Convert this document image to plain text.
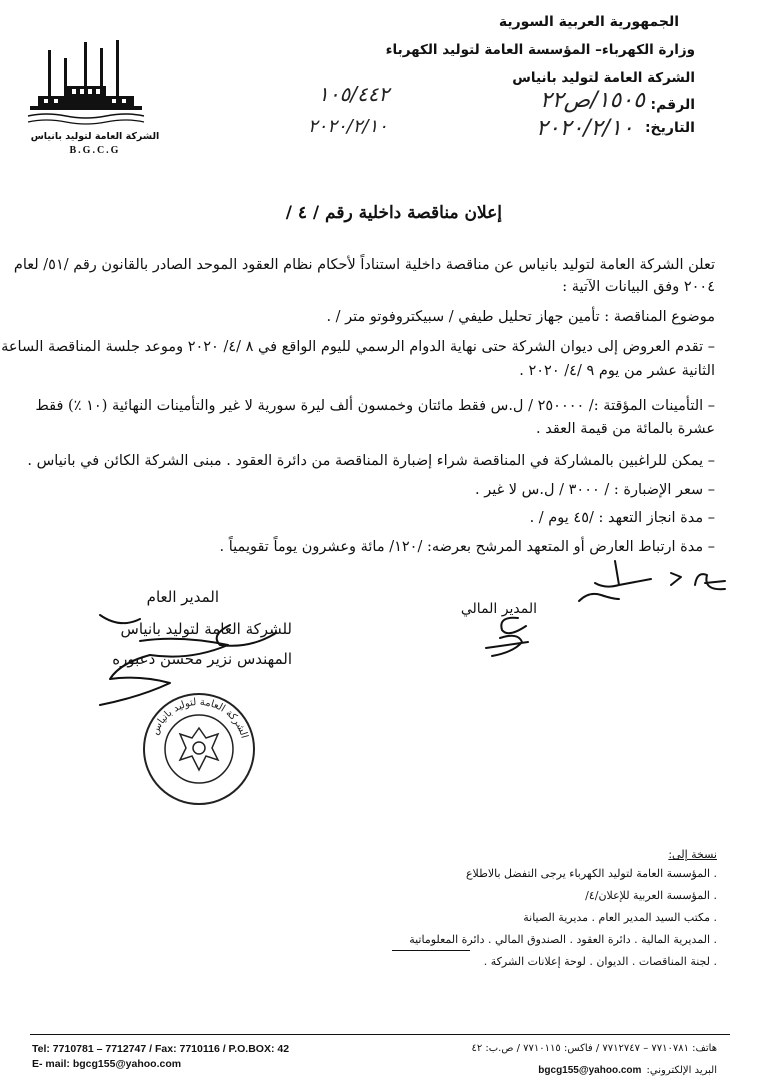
الجمهورية العربية السورية
وزارة الكهرباء– المؤسسة العامة لتوليد الكهرباء
الشركة العامة لتوليد بانياس
الرقم:
التاريخ:
١٥٠٥/ص٢٢
٢٠٢٠/٢/١٠
١٠٥/٤٤٢
٢٠٢٠/٢/١٠
الشركة العامة لتوليد بانياس
B.G.C.G
إعلان مناقصة داخلية رقم / ٤ /
تعلن الشركة العامة لتوليد بانياس عن مناقصة داخلية استناداً لأحكام نظام العقود الموحد الصادر بالقانون رقم /٥١/ لعام
٢٠٠٤ وفق البيانات الآتية :
موضوع المناقصة : تأمين جهاز تحليل طيفي / سبيكتروفوتو متر / .
– تقدم العروض إلى ديوان الشركة حتى نهاية الدوام الرسمي لليوم الواقع في ٨ /٤/ ٢٠٢٠ وموعد جلسة المناقصة الساعة
الثانية عشر من يوم ٩ /٤/ ٢٠٢٠ .
– التأمينات المؤقتة :/ ٢٥٠٠٠٠ / ل.س فقط مائتان وخمسون ألف ليرة سورية لا غير والتأمينات النهائية (١٠ ٪) فقط
عشرة بالمائة من قيمة العقد .
– يمكن للراغبين بالمشاركة في المناقصة شراء إضبارة المناقصة من دائرة العقود . مبنى الشركة الكائن في بانياس .
– سعر الإضبارة : / ٣٠٠٠ / ل.س لا غير .
– مدة انجاز التعهد : /٤٥ يوم / .
– مدة ارتباط العارض أو المتعهد المرشح بعرضه: /١٢٠/ مائة وعشرون يوماً تقويمياً .
المدير المالي
المدير العام
للشركة العامة لتوليد بانياس
المهندس نزير محسن دعبوره
الشركة العامة لتوليد بانياس
نسخة إلى:
. المؤسسة العامة لتوليد الكهرباء يرجى التفضل بالاطلاع
. المؤسسة العربية للإعلان/٤/
. مكتب السيد المدير العام . مديرية الصيانة
. المديرية المالية . دائرة العقود . الصندوق المالي . دائرة المعلوماتية
. لجنة المناقصات . الديوان . لوحة إعلانات الشركة .
Tel: 7710781 – 7712747 / Fax: 7710116 / P.O.BOX: 42
E- mail: bgcg155@yahoo.com
هاتف: ٧٧١٠٧٨١ – ٧٧١٢٧٤٧ / فاكس: ٧٧١٠١١٥ / ص.ب: ٤٢
البريد الإلكتروني: bgcg155@yahoo.com
